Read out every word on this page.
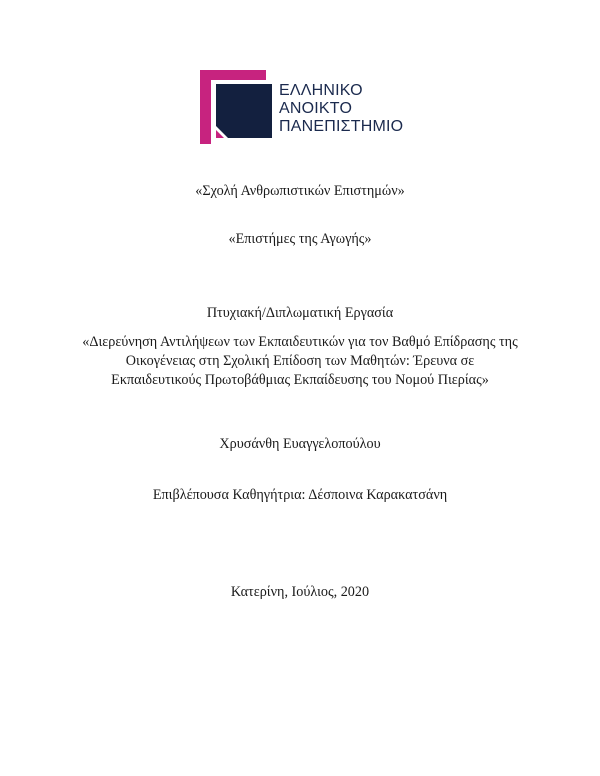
ΕΛΛΗΝΙΚΟ
ΑΝΟΙΚΤΟ
ΠΑΝΕΠΙΣΤΗΜΙΟ
«Σχολή Ανθρωπιστικών Επιστημών»
«Επιστήμες της Αγωγής»
Πτυχιακή/Διπλωματική Εργασία
«Διερεύνηση Αντιλήψεων των Εκπαιδευτικών για τον Βαθμό Επίδρασης της
Οικογένειας στη Σχολική Επίδοση των Μαθητών: Έρευνα σε
Εκπαιδευτικούς Πρωτοβάθμιας Εκπαίδευσης του Νομού Πιερίας»
Χρυσάνθη Ευαγγελοπούλου
Επιβλέπουσα Καθηγήτρια: Δέσποινα Καρακατσάνη
Κατερίνη, Ιούλιος, 2020
